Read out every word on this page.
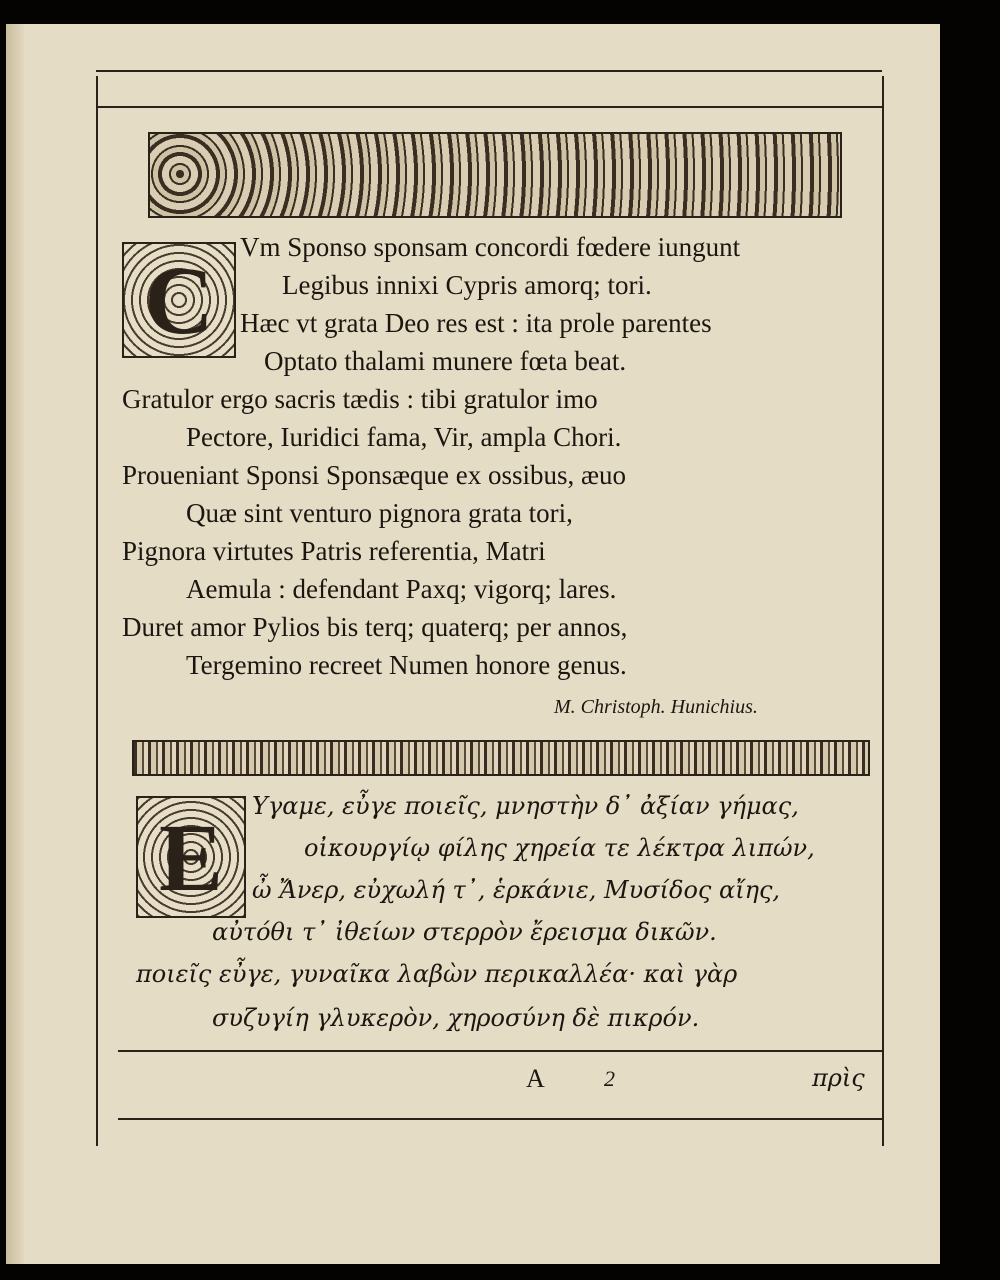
C Vm Sponso sponsam concordi fœdere iungunt
Legibus innixi Cypris amorq; tori.
Hæc vt grata Deo res est : ita prole parentes
Optato thalami munere fœta beat.
Gratulor ergo sacris tædis : tibi gratulor imo
Pectore, Iuridici fama, Vir, ampla Chori.
Proueniant Sponsi Sponsæque ex ossibus, æuo
Quæ sint venturo pignora grata tori,
Pignora virtutes Patris referentia, Matri
Aemula : defendant Paxq; vigorq; lares.
Duret amor Pylios bis terq; quaterq; per annos,
Tergemino recreet Numen honore genus.
M. Christoph. Hunichius.
E	Υγαμε, εὖγε ποιεῖς, μνηστὴν δ᾽ ἀξίαν γήμας,
οἰκουργίῳ φίλης χηρεία τε λέκτρα λιπών,
ὦ Ἄνερ, εὐχωλή τ᾽, ἑρκάνιε, Μυσίδος αἴης,
αὐτόθι τ᾽ ἰθείων στερρὸν ἔρεισμα δικῶν.
ποιεῖς εὖγε, γυναῖκα λαβὼν περικαλλέα· καὶ γὰρ
συζυγίη γλυκερὸν, χηροσύνη δὲ πικρόν.
A	2	πρὶς
